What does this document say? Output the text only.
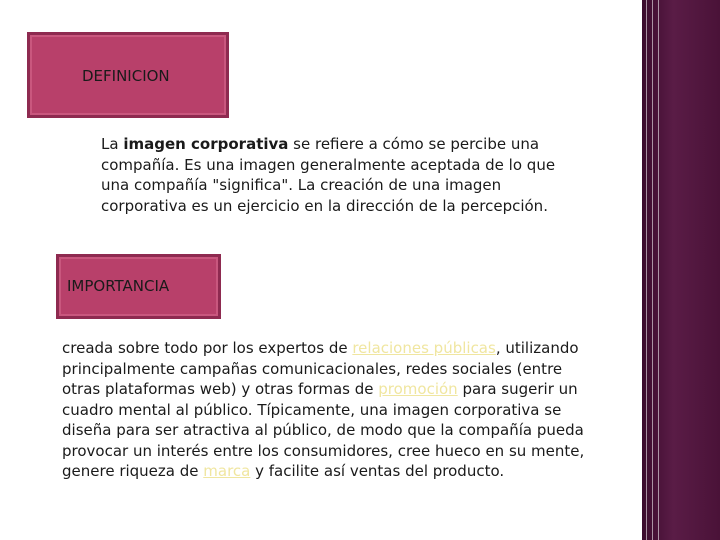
DEFINICION
La imagen corporativa se refiere a cómo se percibe una compañía. Es una imagen generalmente aceptada de lo que una compañía "significa". La creación de una imagen corporativa es un ejercicio en la dirección de la percepción.
IMPORTANCIA
creada sobre todo por los expertos de relaciones públicas, utilizando principalmente campañas comunicacionales, redes sociales (entre otras plataformas web) y otras formas de promoción para sugerir un cuadro mental al público. Típicamente, una imagen corporativa se diseña para ser atractiva al público, de modo que la compañía pueda provocar un interés entre los consumidores, cree hueco en su mente, genere riqueza de marca y facilite así ventas del producto.
